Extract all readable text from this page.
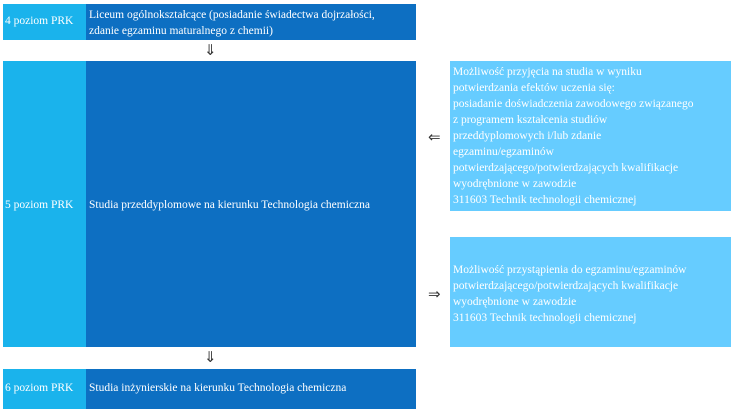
4 poziom PRK Liceum ogólnokształcące (posiadanie świadectwa dojrzałości,
zdanie egzaminu maturalnego z chemii)
⇓
5 poziom PRK Studia przeddyplomowe na kierunku Technologia chemiczna
⇐
Możliwość przyjęcia na studia w wyniku
potwierdzania efektów uczenia się:
posiadanie doświadczenia zawodowego związanego
z programem kształcenia studiów
przeddyplomowych i/lub zdanie
egzaminu/egzaminów
potwierdzającego/potwierdzających kwalifikacje
wyodrębnione w zawodzie
311603 Technik technologii chemicznej
⇒
Możliwość przystąpienia do egzaminu/egzaminów
potwierdzającego/potwierdzających kwalifikacje
wyodrębnione w zawodzie
311603 Technik technologii chemicznej
⇓
6 poziom PRK Studia inżynierskie na kierunku Technologia chemiczna
